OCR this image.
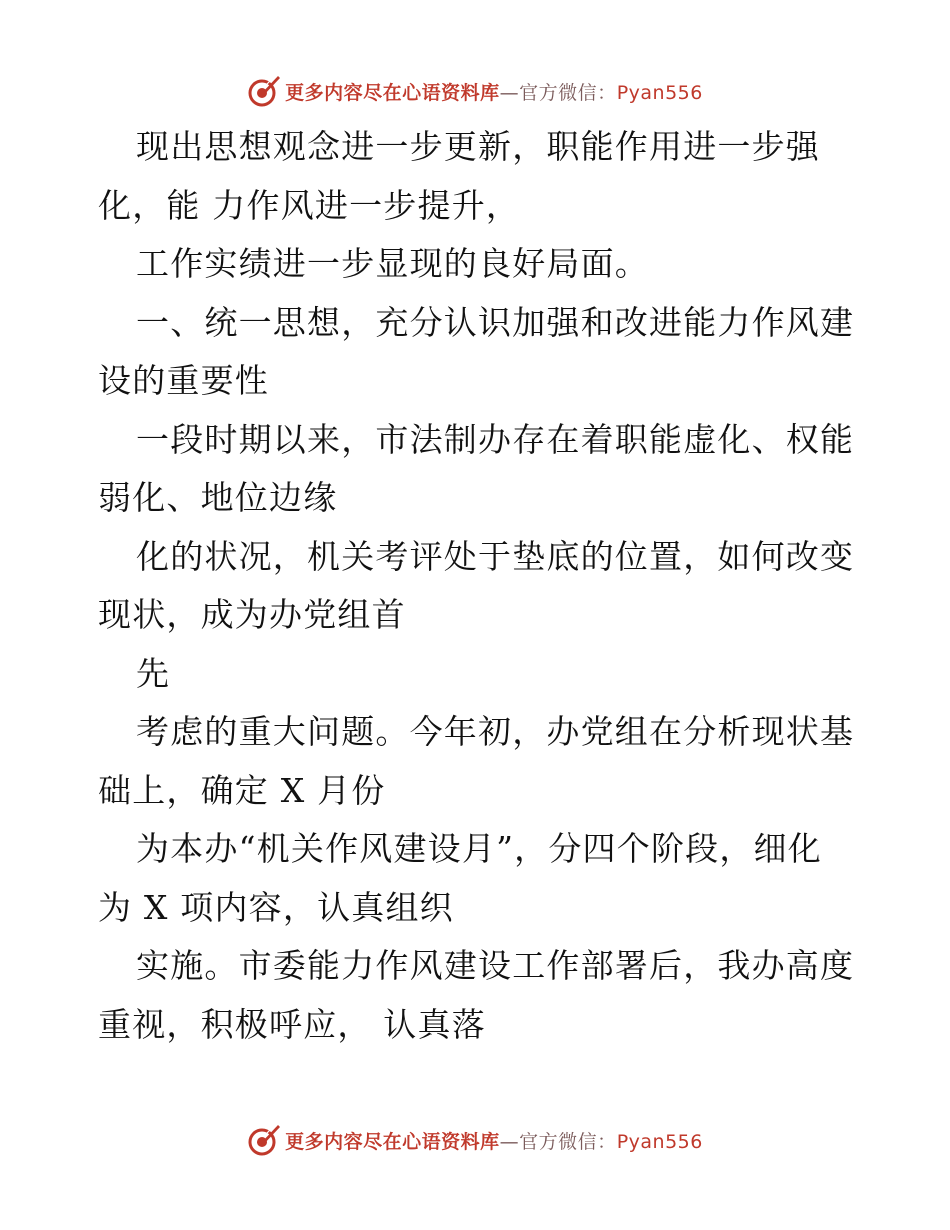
更多内容尽在心语资料库—官方微信：Pyan556
现出思想观念进一步更新，职能作用进一步强
化，能 力作风进一步提升，
工作实绩进一步显现的良好局面。
一、统一思想，充分认识加强和改进能力作风建
设的重要性
一段时期以来，市法制办存在着职能虚化、权能
弱化、地位边缘
化的状况，机关考评处于垫底的位置，如何改变
现状，成为办党组首
先
考虑的重大问题。今年初，办党组在分析现状基
础上，确定 X 月份
为本办“机关作风建设月”，分四个阶段，细化
为 X 项内容，认真组织
实施。市委能力作风建设工作部署后，我办高度
重视，积极呼应， 认真落
更多内容尽在心语资料库—官方微信：Pyan556
